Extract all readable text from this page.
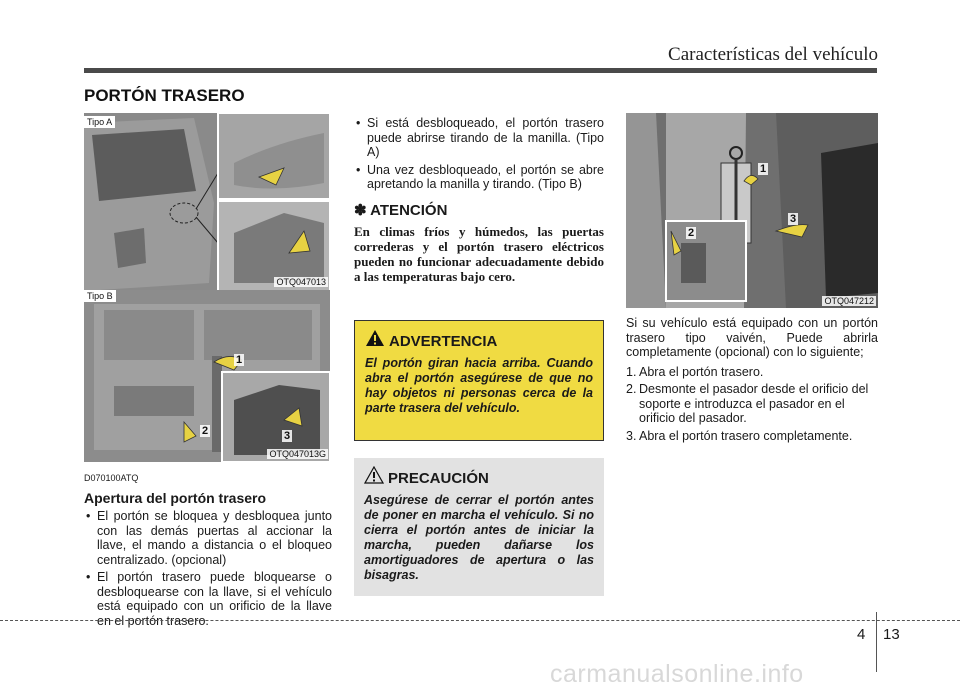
Características del vehículo
PORTÓN TRASERO
Tipo A
OTQ047013
Tipo B
OTQ047013G
1
2	3
OTQ047212
1
2
3
D070100ATQ
Apertura del portón trasero
• El portón se bloquea y desbloquea junto con las demás puertas al accionar la llave, el mando a distancia o el bloqueo centralizado. (opcional)
• El portón trasero puede bloquearse o desbloquearse con la llave, si el vehículo está equipado con un orificio de la llave en el portón trasero.
• Si está desbloqueado, el portón trasero puede abrirse tirando de la manilla. (Tipo A)
• Una vez desbloqueado, el portón se abre apretando la manilla y tirando. (Tipo B)
✽ ATENCIÓN
En climas fríos y húmedos, las puertas correderas y el portón trasero eléctricos pueden no funcionar adecuadamente debido a las temperaturas bajo cero.
ADVERTENCIA
El portón giran hacia arriba. Cuando abra el portón asegúrese de que no hay objetos ni personas cerca de la parte trasera del vehículo.
PRECAUCIÓN
Asegúrese de cerrar el portón antes de poner en marcha el vehículo. Si no cierra el portón antes de iniciar la marcha, pueden dañarse los amortiguadores de apertura o las bisagras.
Si su vehículo está equipado con un portón trasero tipo vaivén, Puede abrirla completamente (opcional) con lo siguiente;
1. Abra el portón trasero.
2. Desmonte el pasador desde el orificio del soporte e introduzca el pasador en el orificio del pasador.
3. Abra el portón trasero completamente.
4 13
carmanualsonline.info
